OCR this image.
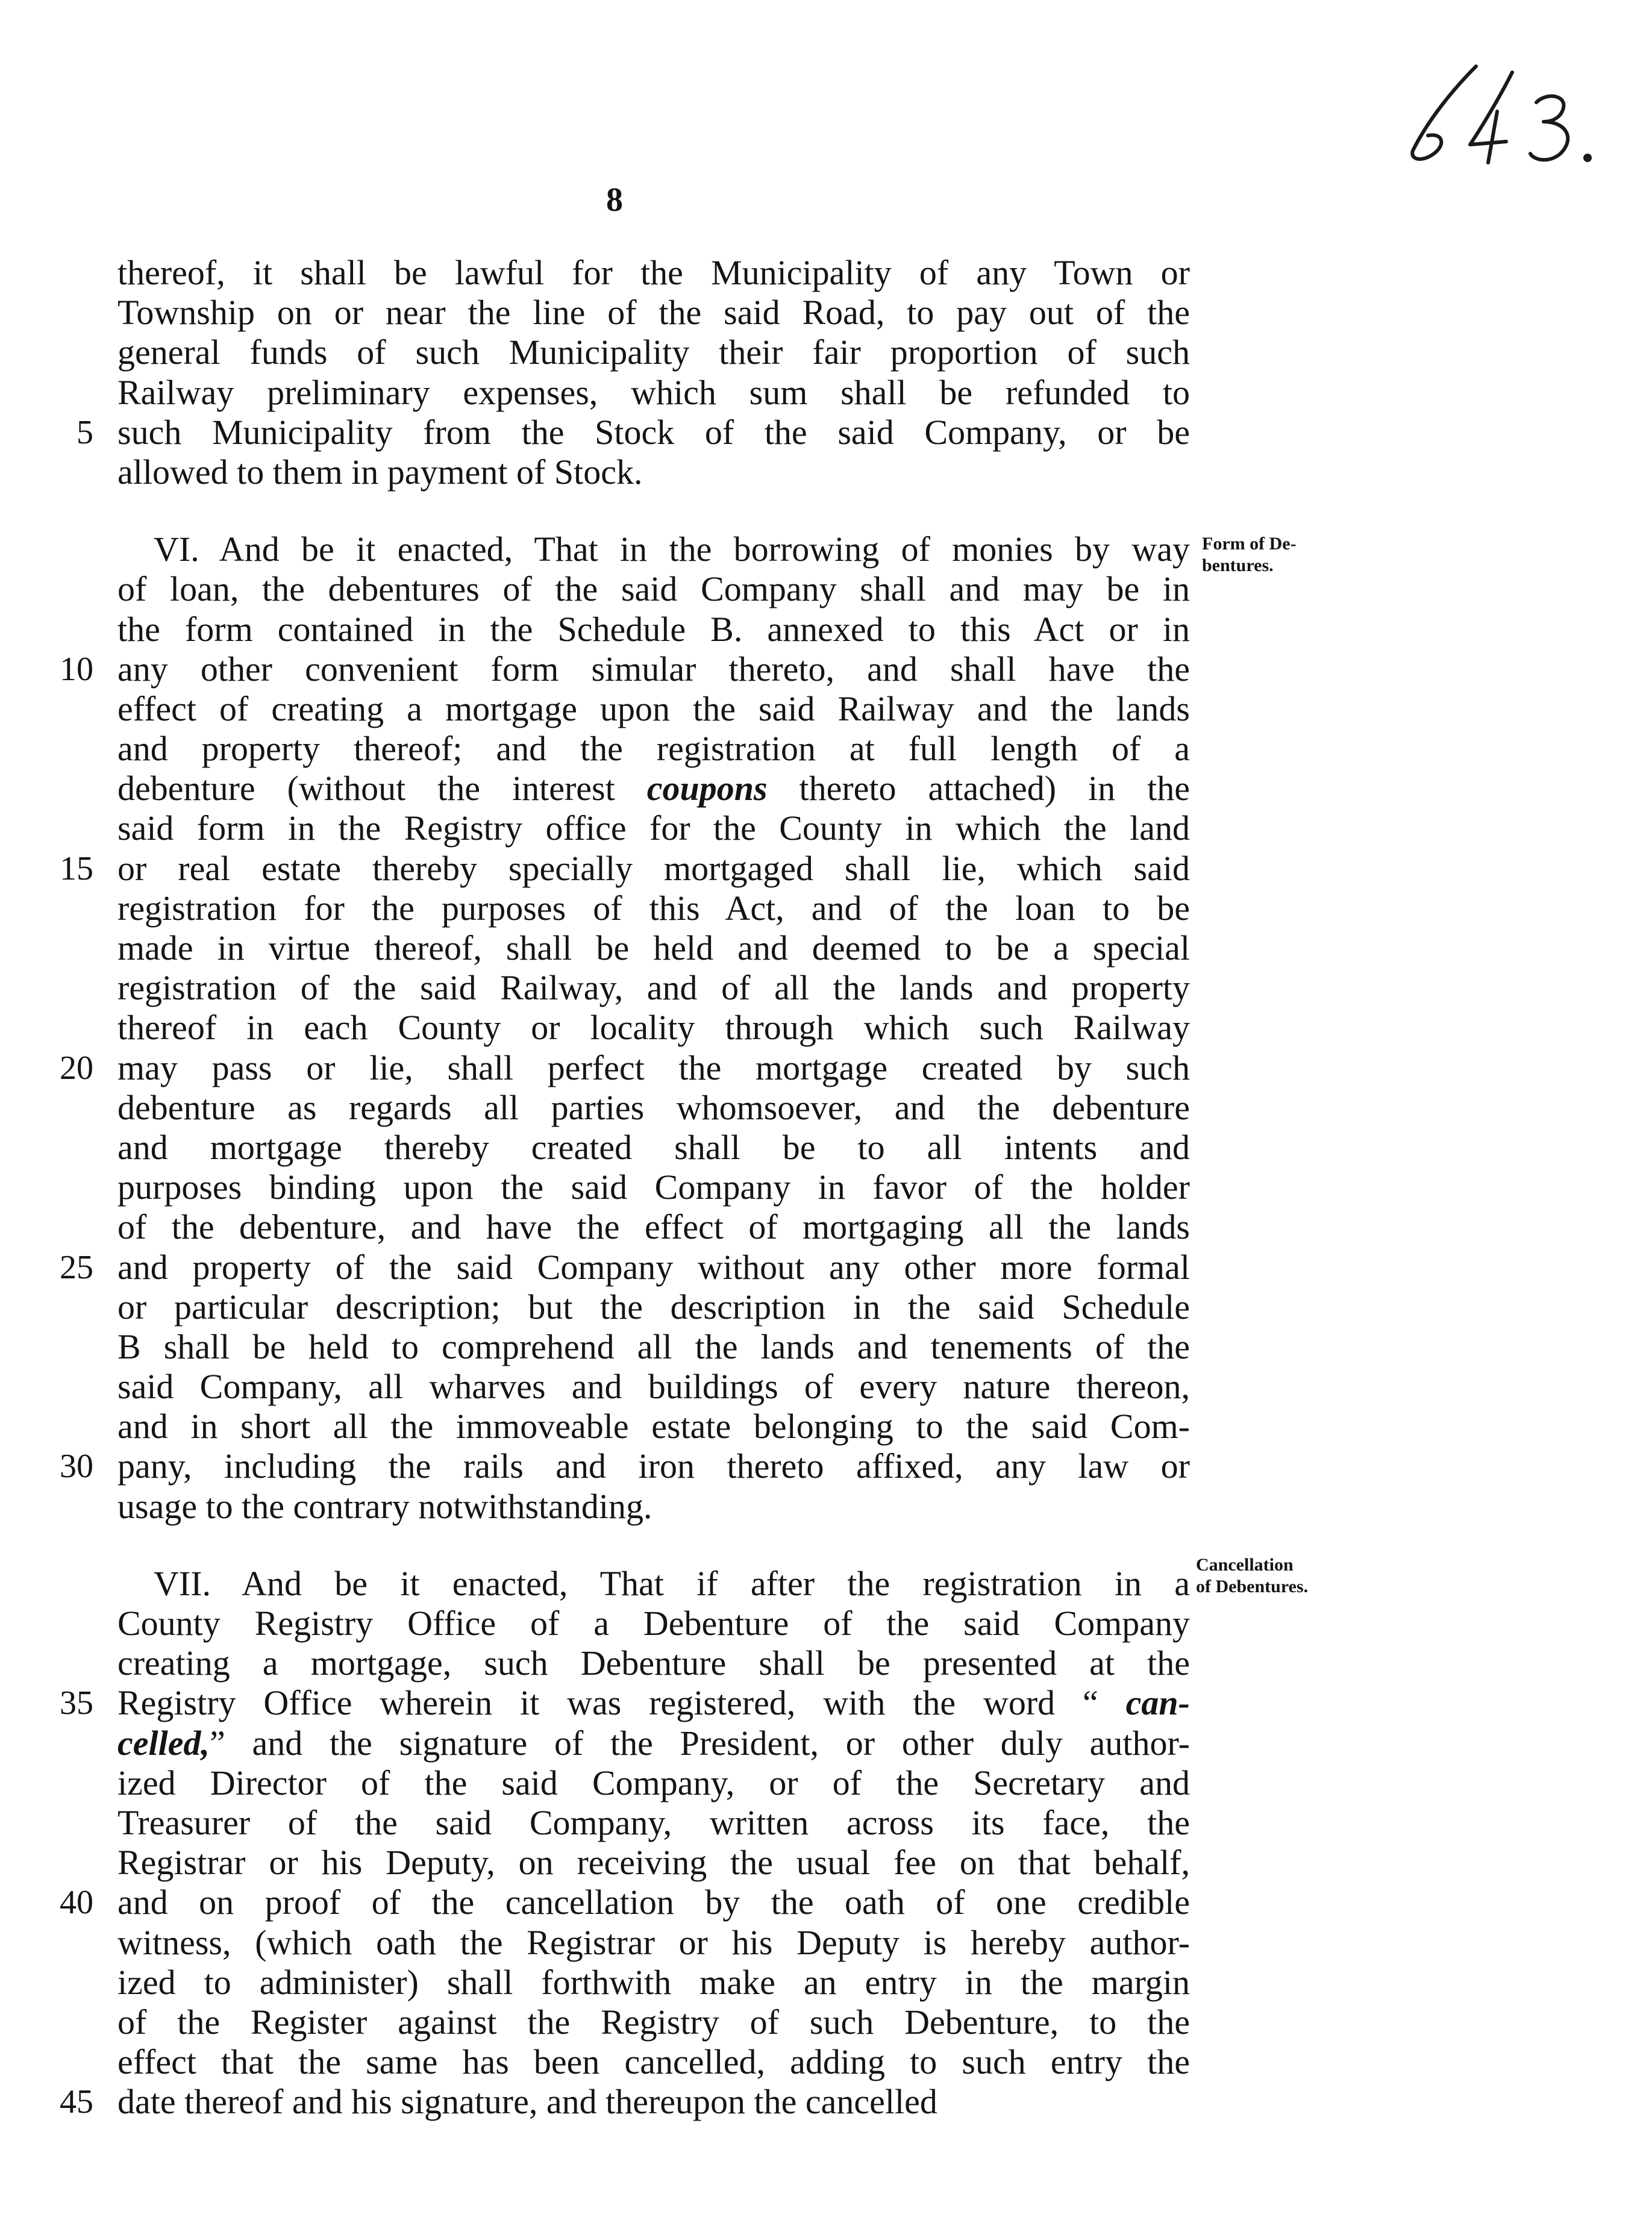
8
thereof, it shall be lawful for the Municipality of any Town or
Township on or near the line of the said Road, to pay out of the
general funds of such Municipality their fair proportion of such
Railway preliminary expenses, which sum shall be refunded to
5 such Municipality from the Stock of the said Company, or be
allowed to them in payment of Stock.
VI. And be it enacted, That in the borrowing of monies by way
of loan, the debentures of the said Company shall and may be in
the form contained in the Schedule B. annexed to this Act or in
10 any other convenient form simular thereto, and shall have the
effect of creating a mortgage upon the said Railway and the lands
and property thereof; and the registration at full length of a
debenture (without the interest coupons thereto attached) in the
said form in the Registry office for the County in which the land
15 or real estate thereby specially mortgaged shall lie, which said
registration for the purposes of this Act, and of the loan to be
made in virtue thereof, shall be held and deemed to be a special
registration of the said Railway, and of all the lands and property
thereof in each County or locality through which such Railway
20 may pass or lie, shall perfect the mortgage created by such
debenture as regards all parties whomsoever, and the debenture
and mortgage thereby created shall be to all intents and
purposes binding upon the said Company in favor of the holder
of the debenture, and have the effect of mortgaging all the lands
25 and property of the said Company without any other more formal
or particular description; but the description in the said Schedule
B shall be held to comprehend all the lands and tenements of the
said Company, all wharves and buildings of every nature thereon,
and in short all the immoveable estate belonging to the said Com-
30 pany, including the rails and iron thereto affixed, any law or
usage to the contrary notwithstanding.
VII. And be it enacted, That if after the registration in a
County Registry Office of a Debenture of the said Company
creating a mortgage, such Debenture shall be presented at the
35 Registry Office wherein it was registered, with the word “ can-
celled,” and the signature of the President, or other duly author-
ized Director of the said Company, or of the Secretary and
Treasurer of the said Company, written across its face, the
Registrar or his Deputy, on receiving the usual fee on that behalf,
40 and on proof of the cancellation by the oath of one credible
witness, (which oath the Registrar or his Deputy is hereby author-
ized to administer) shall forthwith make an entry in the margin
of the Register against the Registry of such Debenture, to the
effect that the same has been cancelled, adding to such entry the
45 date thereof and his signature, and thereupon the cancelled
Form of De-
bentures.
Cancellation
of Debentures.
